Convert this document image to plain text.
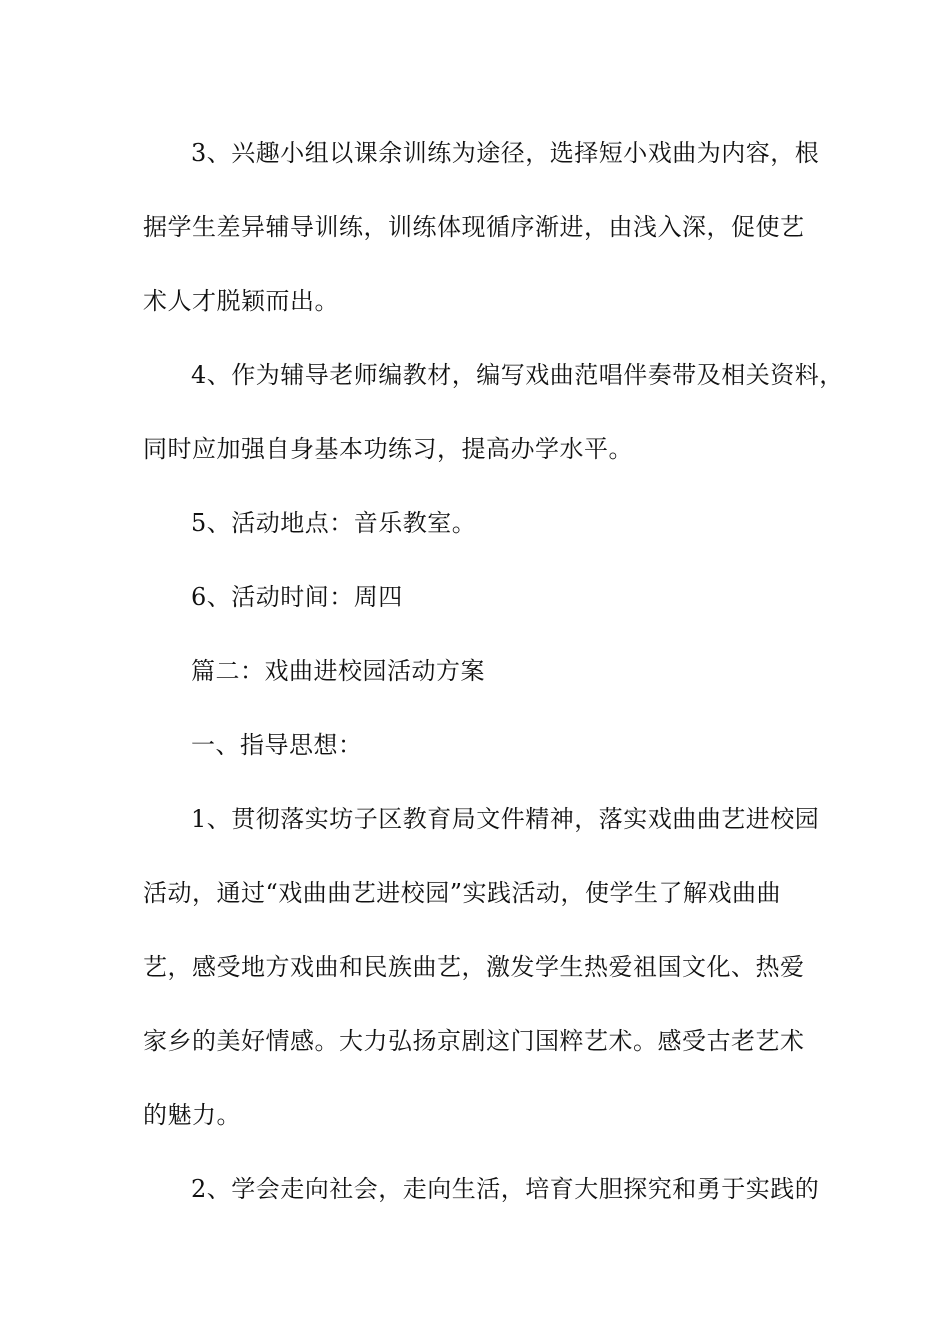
3、兴趣小组以课余训练为途径，选择短小戏曲为内容，根
据学生差异辅导训练，训练体现循序渐进，由浅入深，促使艺
术人才脱颖而出。
4、作为辅导老师编教材，编写戏曲范唱伴奏带及相关资料，
同时应加强自身基本功练习，提高办学水平。
5、活动地点：音乐教室。
6、活动时间：周四
篇二：戏曲进校园活动方案
一、指导思想：
1、贯彻落实坊子区教育局文件精神，落实戏曲曲艺进校园
活动，通过“戏曲曲艺进校园”实践活动，使学生了解戏曲曲
艺，感受地方戏曲和民族曲艺，激发学生热爱祖国文化、热爱
家乡的美好情感。大力弘扬京剧这门国粹艺术。感受古老艺术
的魅力。
2、学会走向社会，走向生活，培育大胆探究和勇于实践的
